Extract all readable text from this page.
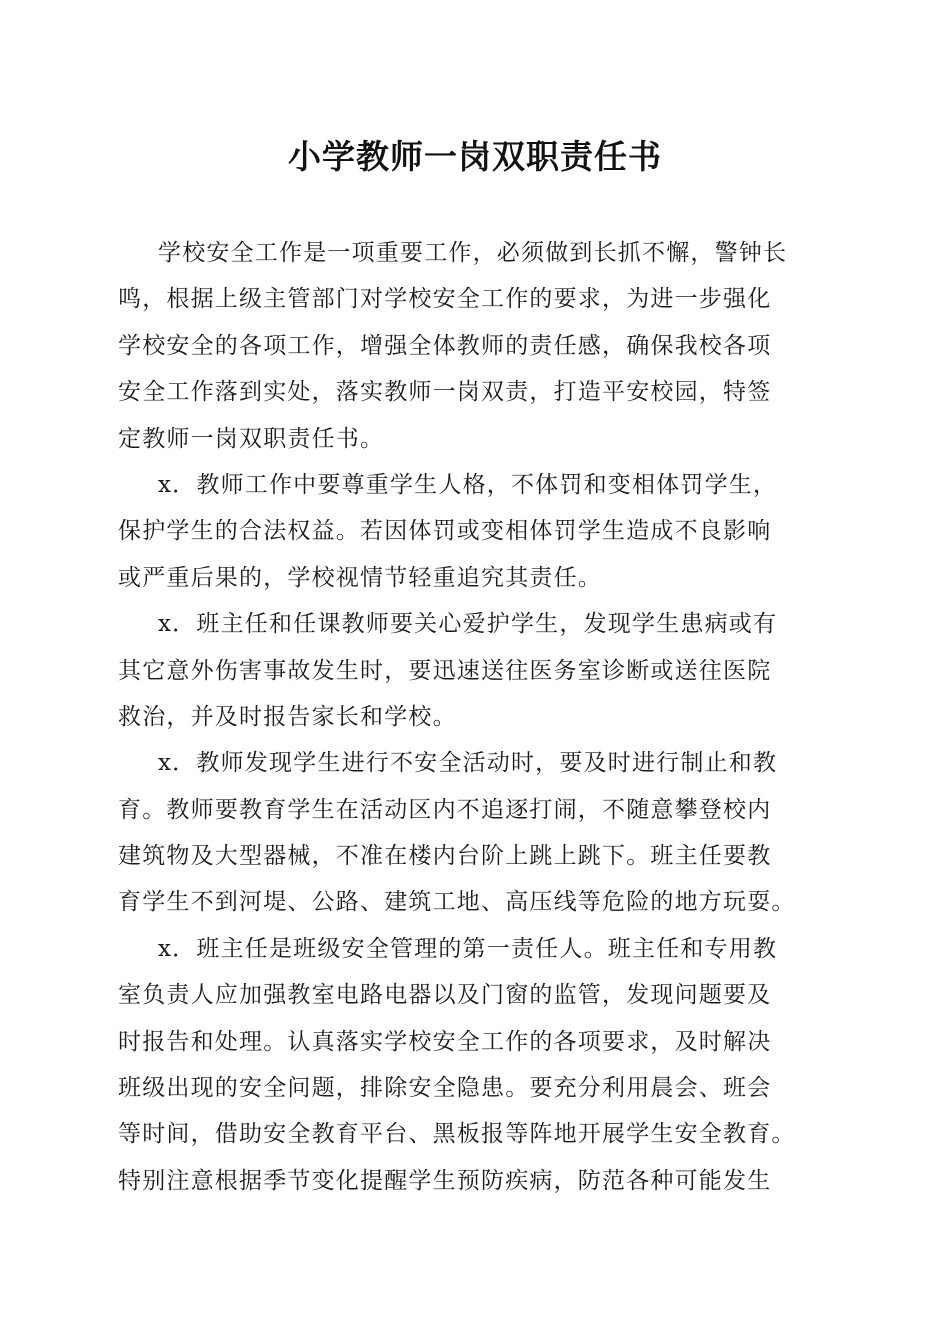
小学教师一岗双职责任书
学校安全工作是一项重要工作，必须做到长抓不懈，警钟长
鸣，根据上级主管部门对学校安全工作的要求，为进一步强化
学校安全的各项工作，增强全体教师的责任感，确保我校各项
安全工作落到实处，落实教师一岗双责，打造平安校园，特签
定教师一岗双职责任书。
x．教师工作中要尊重学生人格，不体罚和变相体罚学生，
保护学生的合法权益。若因体罚或变相体罚学生造成不良影响
或严重后果的，学校视情节轻重追究其责任。
x．班主任和任课教师要关心爱护学生，发现学生患病或有
其它意外伤害事故发生时，要迅速送往医务室诊断或送往医院
救治，并及时报告家长和学校。
x．教师发现学生进行不安全活动时，要及时进行制止和教
育。教师要教育学生在活动区内不追逐打闹，不随意攀登校内
建筑物及大型器械，不准在楼内台阶上跳上跳下。班主任要教
育学生不到河堤、公路、建筑工地、高压线等危险的地方玩耍。
x．班主任是班级安全管理的第一责任人。班主任和专用教
室负责人应加强教室电路电器以及门窗的监管，发现问题要及
时报告和处理。认真落实学校安全工作的各项要求，及时解决
班级出现的安全问题，排除安全隐患。要充分利用晨会、班会
等时间，借助安全教育平台、黑板报等阵地开展学生安全教育。
特别注意根据季节变化提醒学生预防疾病，防范各种可能发生
